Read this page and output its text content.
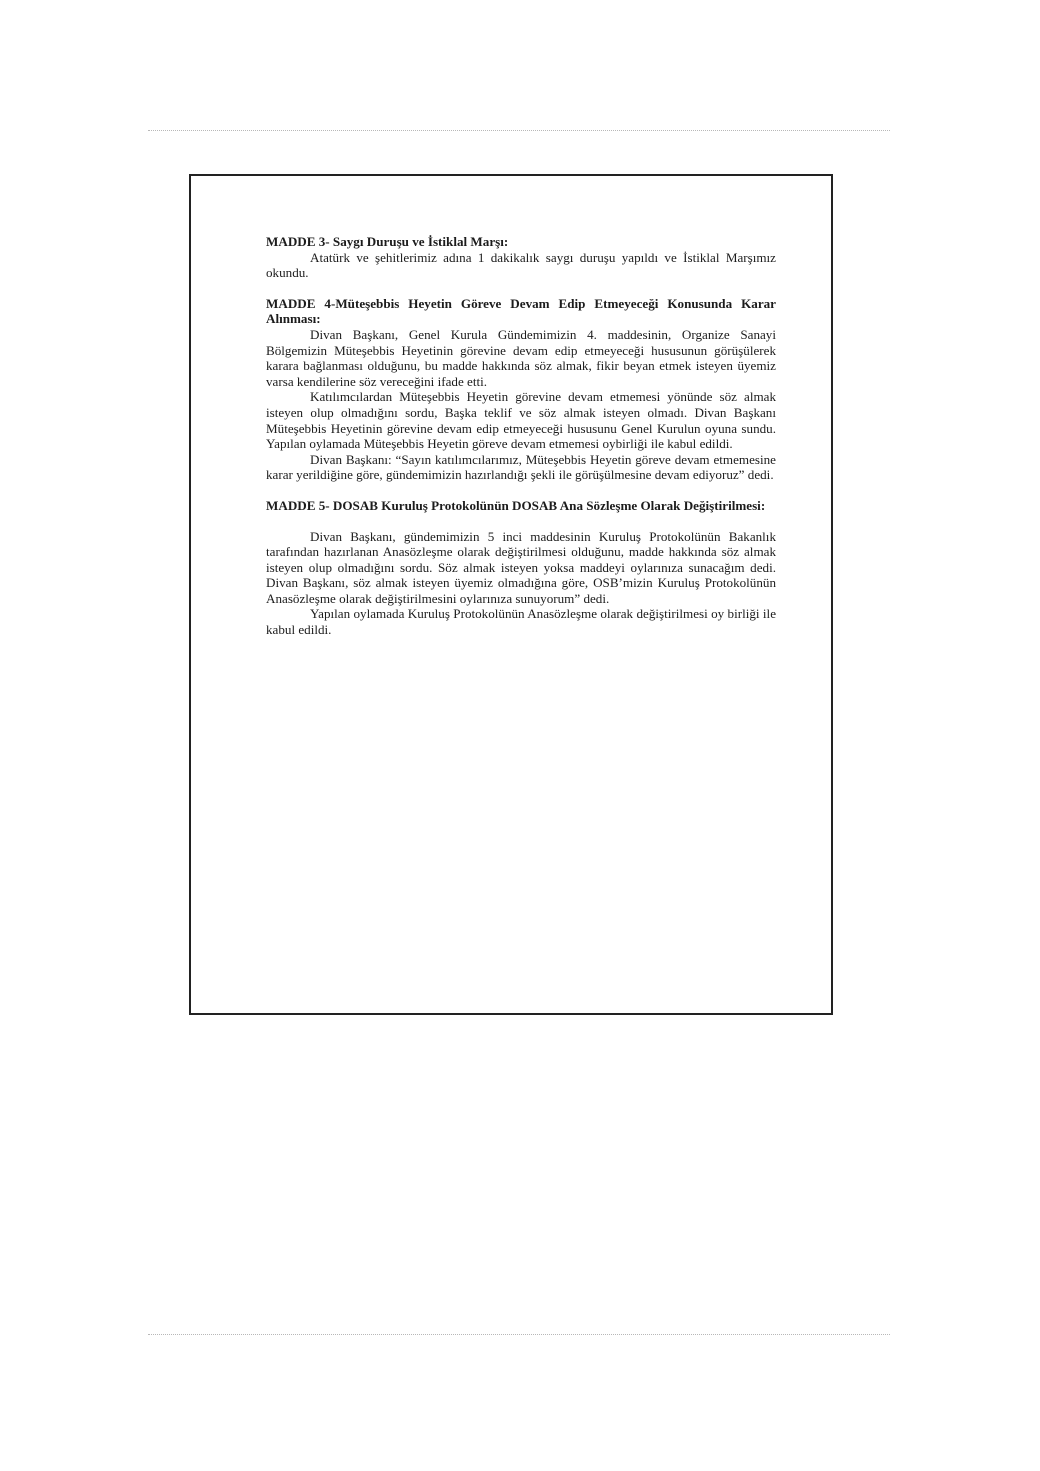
MADDE 3- Saygı Duruşu ve İstiklal Marşı:

Atatürk ve şehitlerimiz adına 1 dakikalık saygı duruşu yapıldı ve İstiklal Marşımız okundu.

MADDE 4-Müteşebbis Heyetin Göreve Devam Edip Etmeyeceği Konusunda Karar Alınması:

Divan Başkanı, Genel Kurula Gündemimizin 4. maddesinin, Organize Sanayi Bölgemizin Müteşebbis Heyetinin görevine devam edip etmeyeceği hususunun görüşülerek karara bağlanması olduğunu, bu madde hakkında söz almak, fikir beyan etmek isteyen üyemiz varsa kendilerine söz vereceğini ifade etti.

Katılımcılardan Müteşebbis Heyetin görevine devam etmemesi yönünde söz almak isteyen olup olmadığını sordu, Başka teklif ve söz almak isteyen olmadı. Divan Başkanı Müteşebbis Heyetinin görevine devam edip etmeyeceği hususunu Genel Kurulun oyuna sundu. Yapılan oylamada Müteşebbis Heyetin göreve devam etmemesi oybirliği ile kabul edildi.

Divan Başkanı: “Sayın katılımcılarımız, Müteşebbis Heyetin göreve devam etmemesine karar yerildiğine göre, gündemimizin hazırlandığı şekli ile görüşülmesine devam ediyoruz” dedi.

MADDE 5- DOSAB Kuruluş Protokolünün DOSAB Ana Sözleşme Olarak Değiştirilmesi:

Divan Başkanı, gündemimizin 5 inci maddesinin Kuruluş Protokolünün Bakanlık tarafından hazırlanan Anasözleşme olarak değiştirilmesi olduğunu, madde hakkında söz almak isteyen olup olmadığını sordu. Söz almak isteyen yoksa maddeyi oylarınıza sunacağım dedi. Divan Başkanı, söz almak isteyen üyemiz olmadığına göre, OSB’mizin Kuruluş Protokolünün Anasözleşme olarak değiştirilmesini oylarınıza sunuyorum” dedi.

Yapılan oylamada Kuruluş Protokolünün Anasözleşme olarak değiştirilmesi oy birliği ile kabul edildi.
